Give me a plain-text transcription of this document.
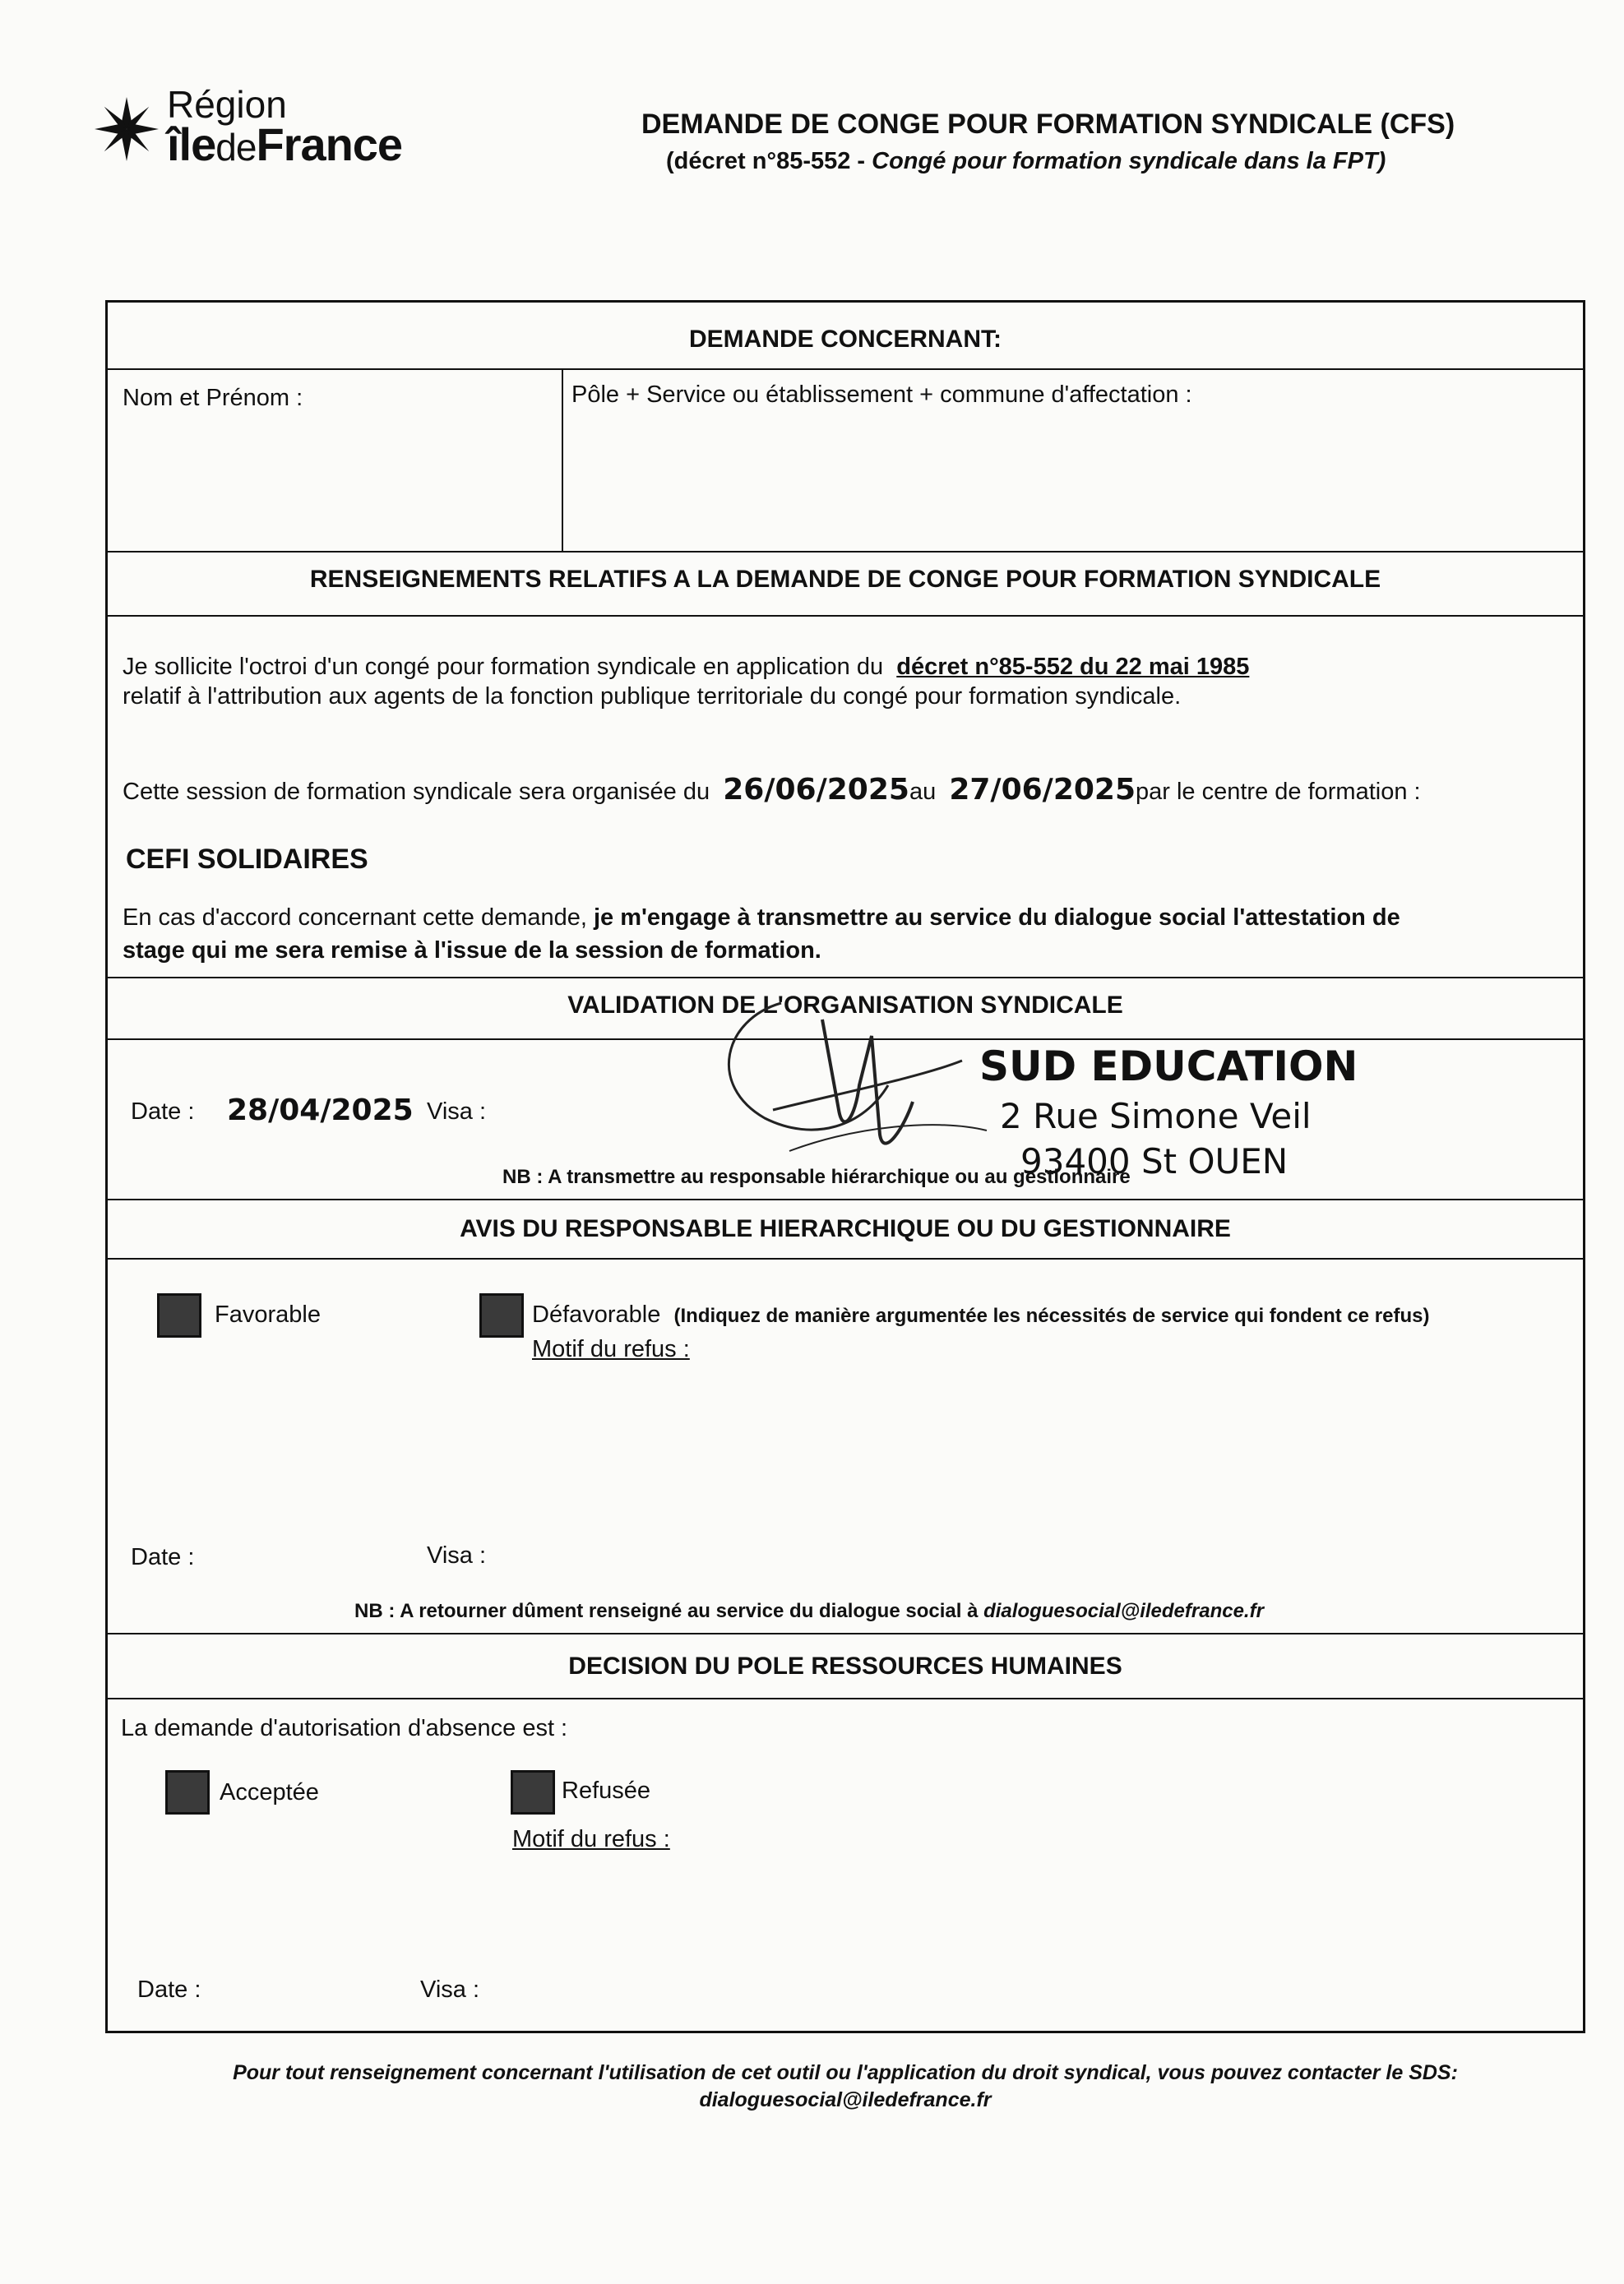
Région
îledeFrance	DEMANDE DE CONGE POUR FORMATION SYNDICALE (CFS)
(décret n°85-552 - Congé pour formation syndicale dans la FPT)
DEMANDE CONCERNANT:
Nom et Prénom :	Pôle + Service ou établissement + commune d'affectation :
RENSEIGNEMENTS RELATIFS A LA DEMANDE DE CONGE POUR FORMATION SYNDICALE
Je sollicite l'octroi d'un congé pour formation syndicale en application du décret n°85-552 du 22 mai 1985
relatif à l'attribution aux agents de la fonction publique territoriale du congé pour formation syndicale.
Cette session de formation syndicale sera organisée du 26/06/2025au 27/06/2025par le centre de formation :
CEFI SOLIDAIRES
En cas d'accord concernant cette demande, je m'engage à transmettre au service du dialogue social l'attestation de
stage qui me sera remise à l'issue de la session de formation.
VALIDATION DE L'ORGANISATION SYNDICALE
Date : 28/04/2025 Visa :
SUD EDUCATION
2 Rue Simone Veil
93400 St OUEN
NB : A transmettre au responsable hiérarchique ou au gestionnaire
AVIS DU RESPONSABLE HIERARCHIQUE OU DU GESTIONNAIRE
Favorable	Défavorable (Indiquez de manière argumentée les nécessités de service qui fondent ce refus)
Motif du refus :
Date :	Visa :
NB : A retourner dûment renseigné au service du dialogue social à dialoguesocial@iledefrance.fr
DECISION DU POLE RESSOURCES HUMAINES
La demande d'autorisation d'absence est :
Acceptée	Refusée
Motif du refus :
Date :	Visa :
Pour tout renseignement concernant l'utilisation de cet outil ou l'application du droit syndical, vous pouvez contacter le SDS:
dialoguesocial@iledefrance.fr
